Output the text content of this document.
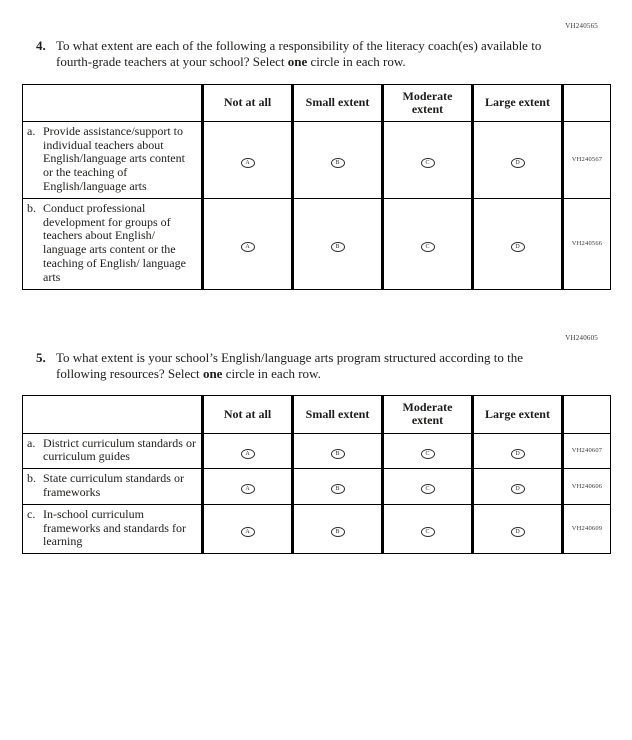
VH240565
4. To what extent are each of the following a responsibility of the literacy coach(es) available to fourth-grade teachers at your school? Select one circle in each row.
	Not at all	Small extent	Moderate extent	Large extent	

a. Provide assistance/support to individual teachers about English/language arts content or the teaching of English/language arts	A	B	C	D	VH240567

b. Conduct professional development for groups of teachers about English/ language arts content or the teaching of English/ language arts	A	B	C	D	VH240566
VH240605
5. To what extent is your school’s English/language arts program structured according to the following resources? Select one circle in each row.
	Not at all	Small extent	Moderate extent	Large extent	

a. District curriculum standards or curriculum guides	A	B	C	D	VH240607

b. State curriculum standards or frameworks	A	B	C	D	VH240606

c. In-school curriculum frameworks and standards for learning	A	B	C	D	VH240609
